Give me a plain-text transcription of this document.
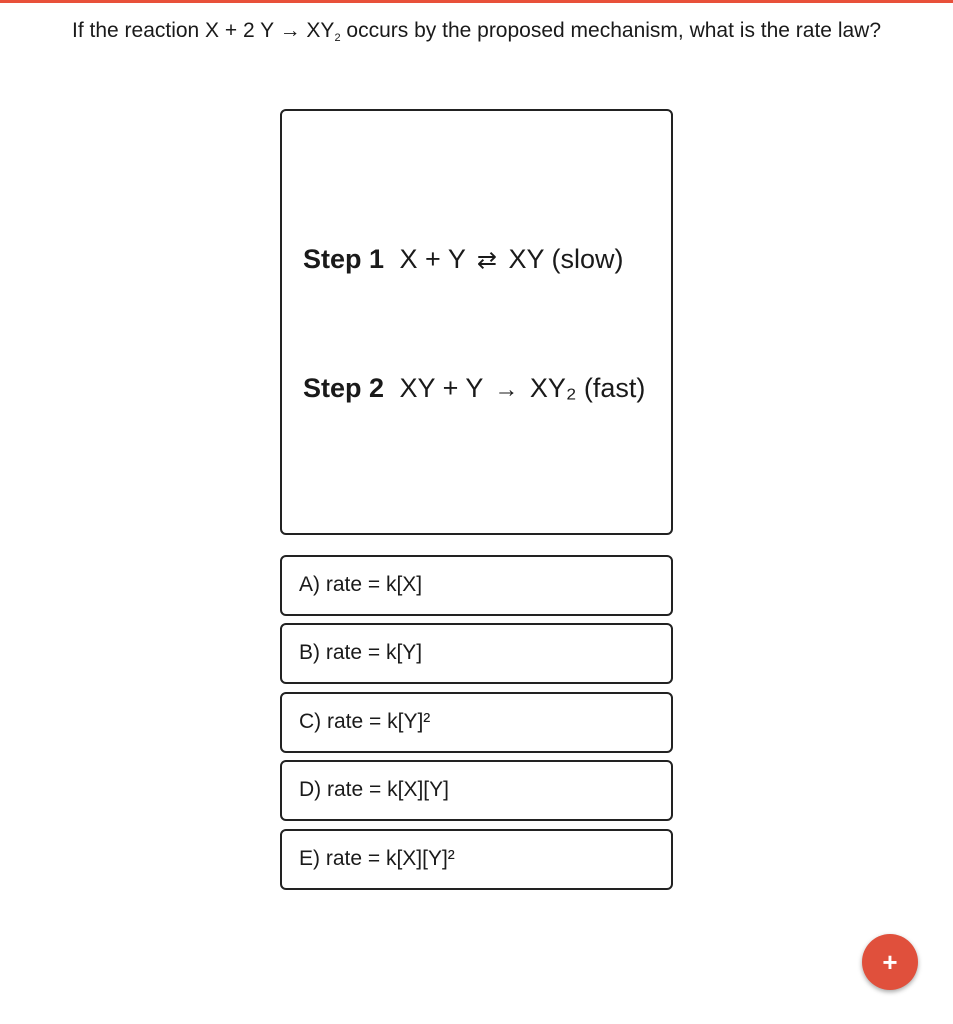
If the reaction X + 2 $Y \to XY_2$ occurs by the proposed mechanism, what is the rate law?
Step 1 X + Y ⇄ XY (slow)
Step 2 XY + Y → XY₂ (fast)
A) rate = k[X]
B) rate = k[Y]
C) rate = k[Y]²
D) rate = k[X][Y]
E) rate = k[X][Y]²
+
